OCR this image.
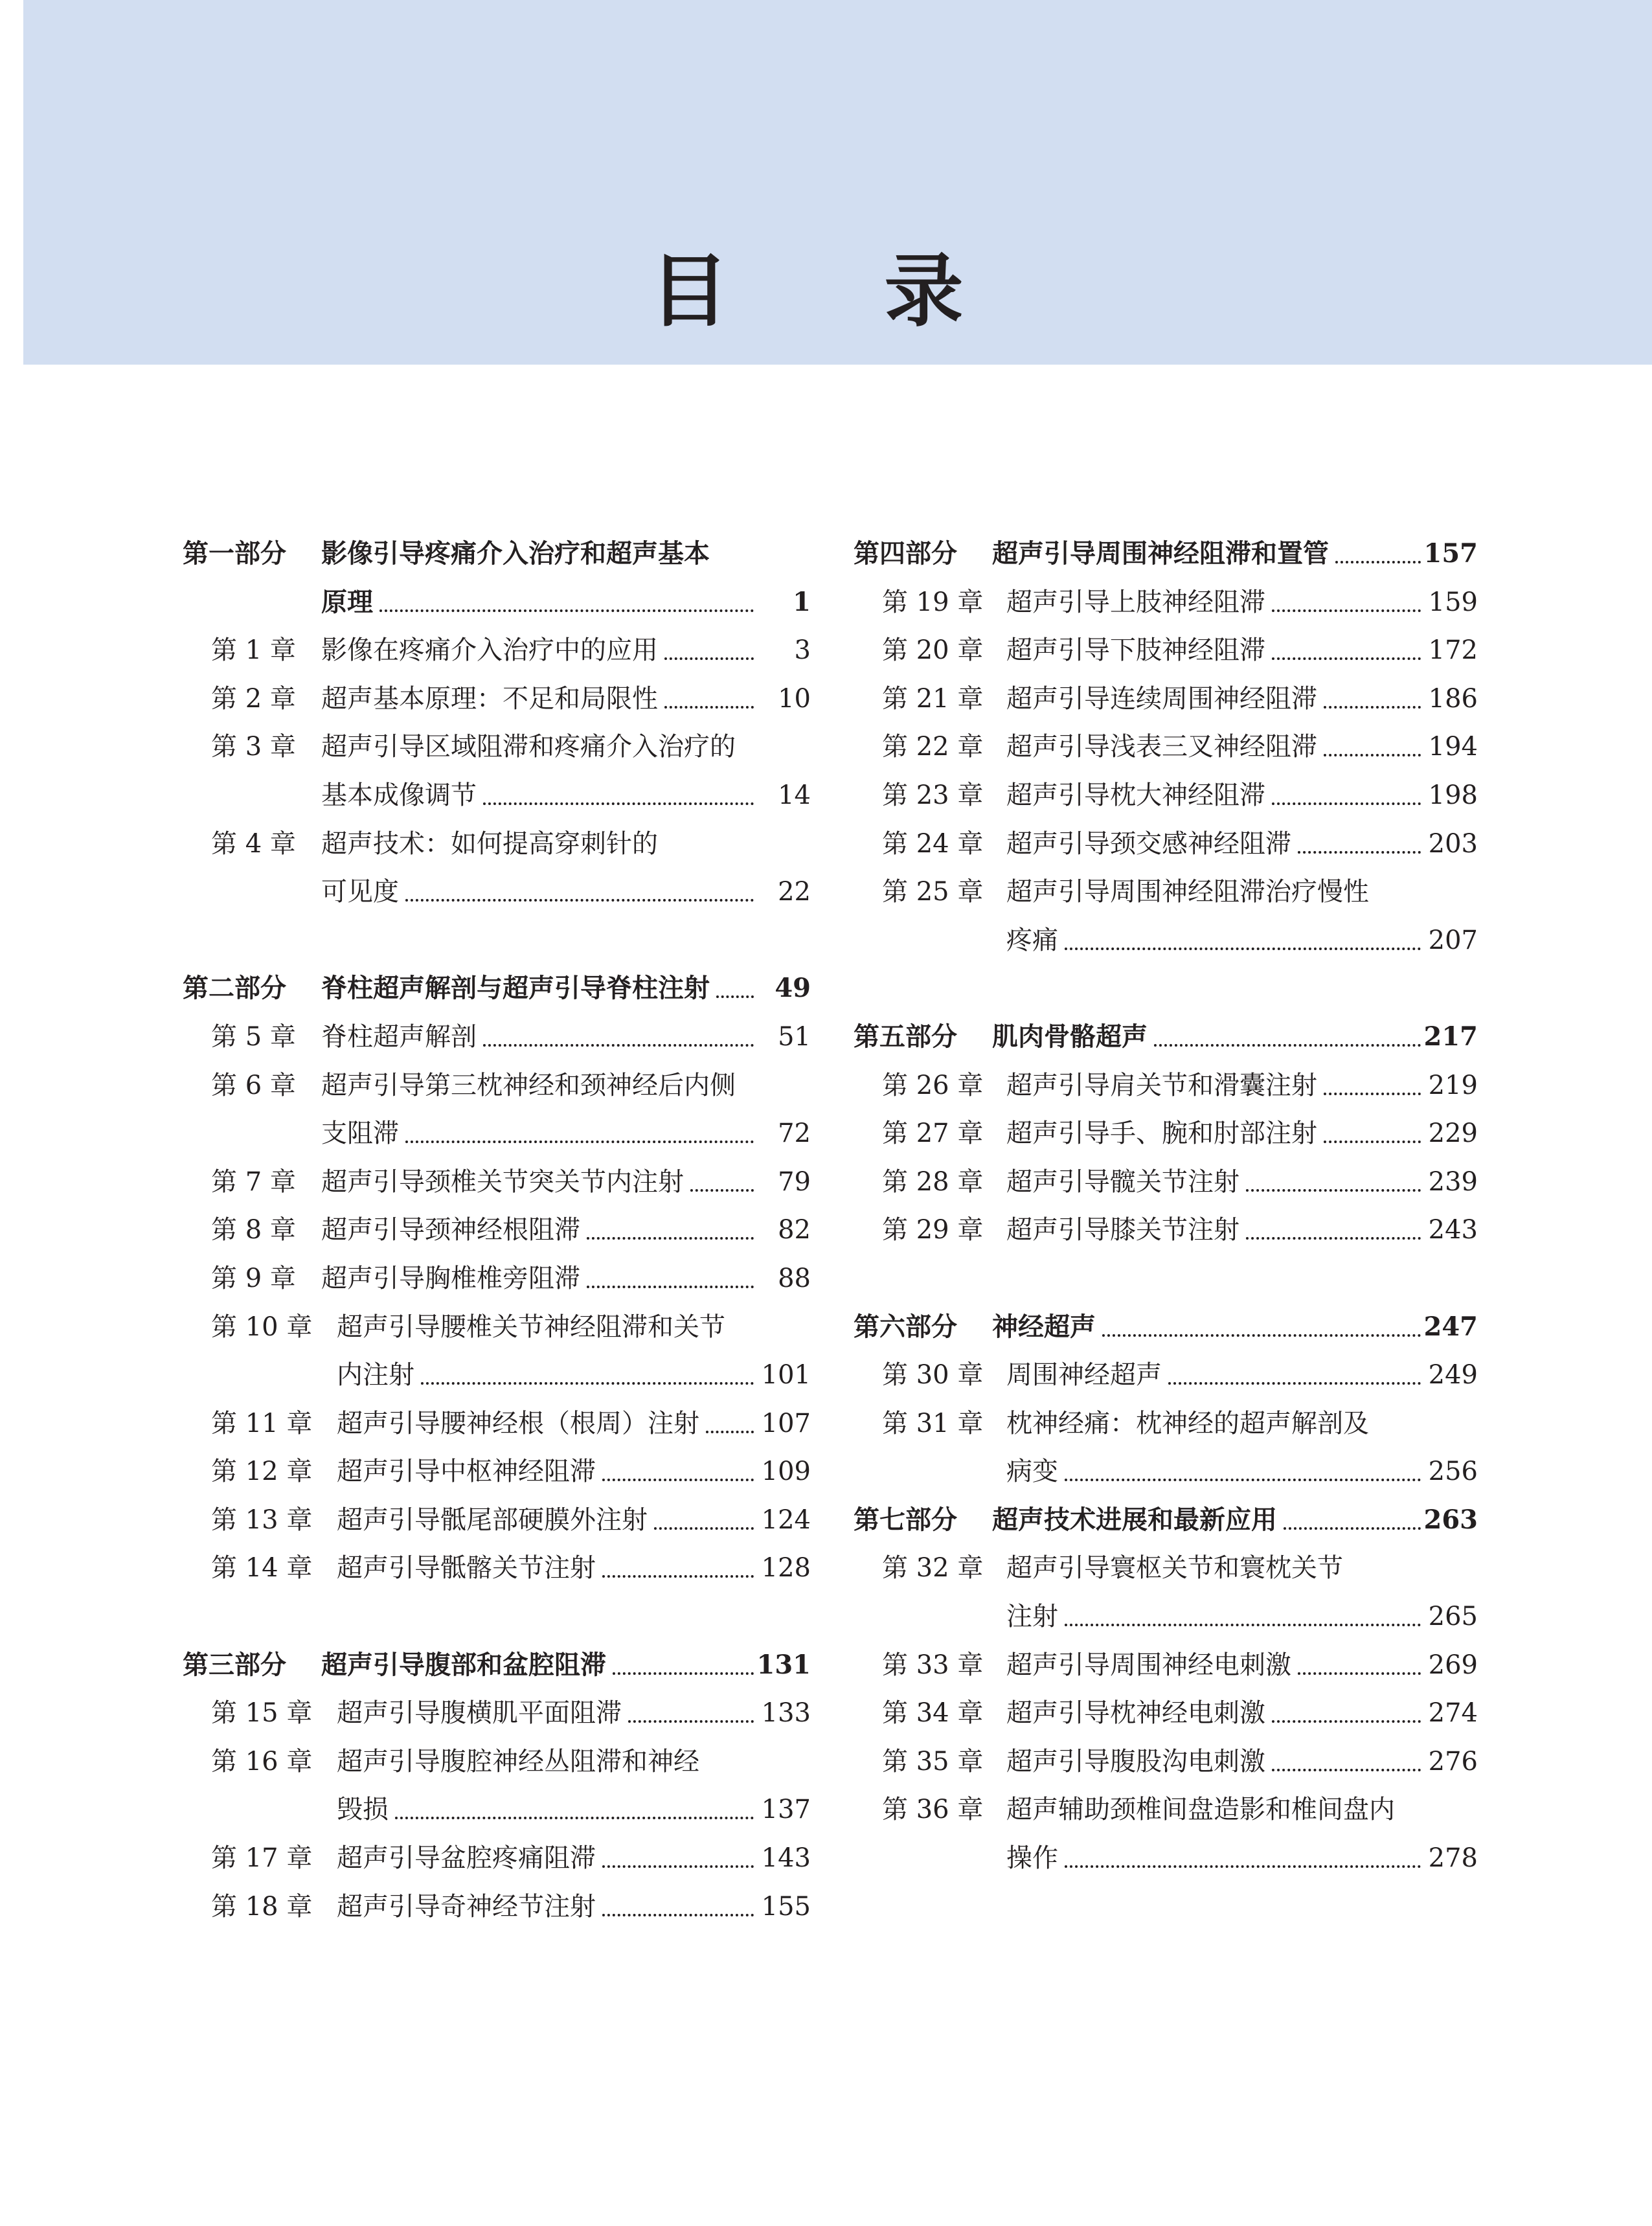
目录
第一部分 影像引导疼痛介入治疗和超声基本
原理	1
第 1 章 影像在疼痛介入治疗中的应用	3
第 2 章 超声基本原理：不足和局限性	10
第 3 章 超声引导区域阻滞和疼痛介入治疗的
基本成像调节	14
第 4 章 超声技术：如何提高穿刺针的
可见度	22
第二部分 脊柱超声解剖与超声引导脊柱注射	49
第 5 章 脊柱超声解剖	51
第 6 章 超声引导第三枕神经和颈神经后内侧
支阻滞	72
第 7 章 超声引导颈椎关节突关节内注射	79
第 8 章 超声引导颈神经根阻滞	82
第 9 章 超声引导胸椎椎旁阻滞	88
第 10 章 超声引导腰椎关节神经阻滞和关节
内注射	101
第 11 章 超声引导腰神经根（根周）注射 107
第 12 章 超声引导中枢神经阻滞	109
第 13 章 超声引导骶尾部硬膜外注射	124
第 14 章 超声引导骶髂关节注射	128
第三部分 超声引导腹部和盆腔阻滞	131
第 15 章 超声引导腹横肌平面阻滞	133
第 16 章 超声引导腹腔神经丛阻滞和神经
毁损	137
第 17 章 超声引导盆腔疼痛阻滞	143
第 18 章 超声引导奇神经节注射	155
第四部分 超声引导周围神经阻滞和置管	157
第 19 章 超声引导上肢神经阻滞	159
第 20 章 超声引导下肢神经阻滞	172
第 21 章 超声引导连续周围神经阻滞	186
第 22 章 超声引导浅表三叉神经阻滞	194
第 23 章 超声引导枕大神经阻滞	198
第 24 章 超声引导颈交感神经阻滞	203
第 25 章 超声引导周围神经阻滞治疗慢性
疼痛	207
第五部分 肌肉骨骼超声	217
第 26 章 超声引导肩关节和滑囊注射	219
第 27 章 超声引导手、腕和肘部注射	229
第 28 章 超声引导髋关节注射	239
第 29 章 超声引导膝关节注射	243
第六部分 神经超声	247
第 30 章 周围神经超声	249
第 31 章 枕神经痛：枕神经的超声解剖及
病变	256
第七部分 超声技术进展和最新应用	263
第 32 章 超声引导寰枢关节和寰枕关节
注射	265
第 33 章 超声引导周围神经电刺激	269
第 34 章 超声引导枕神经电刺激	274
第 35 章 超声引导腹股沟电刺激	276
第 36 章 超声辅助颈椎间盘造影和椎间盘内
操作	278
